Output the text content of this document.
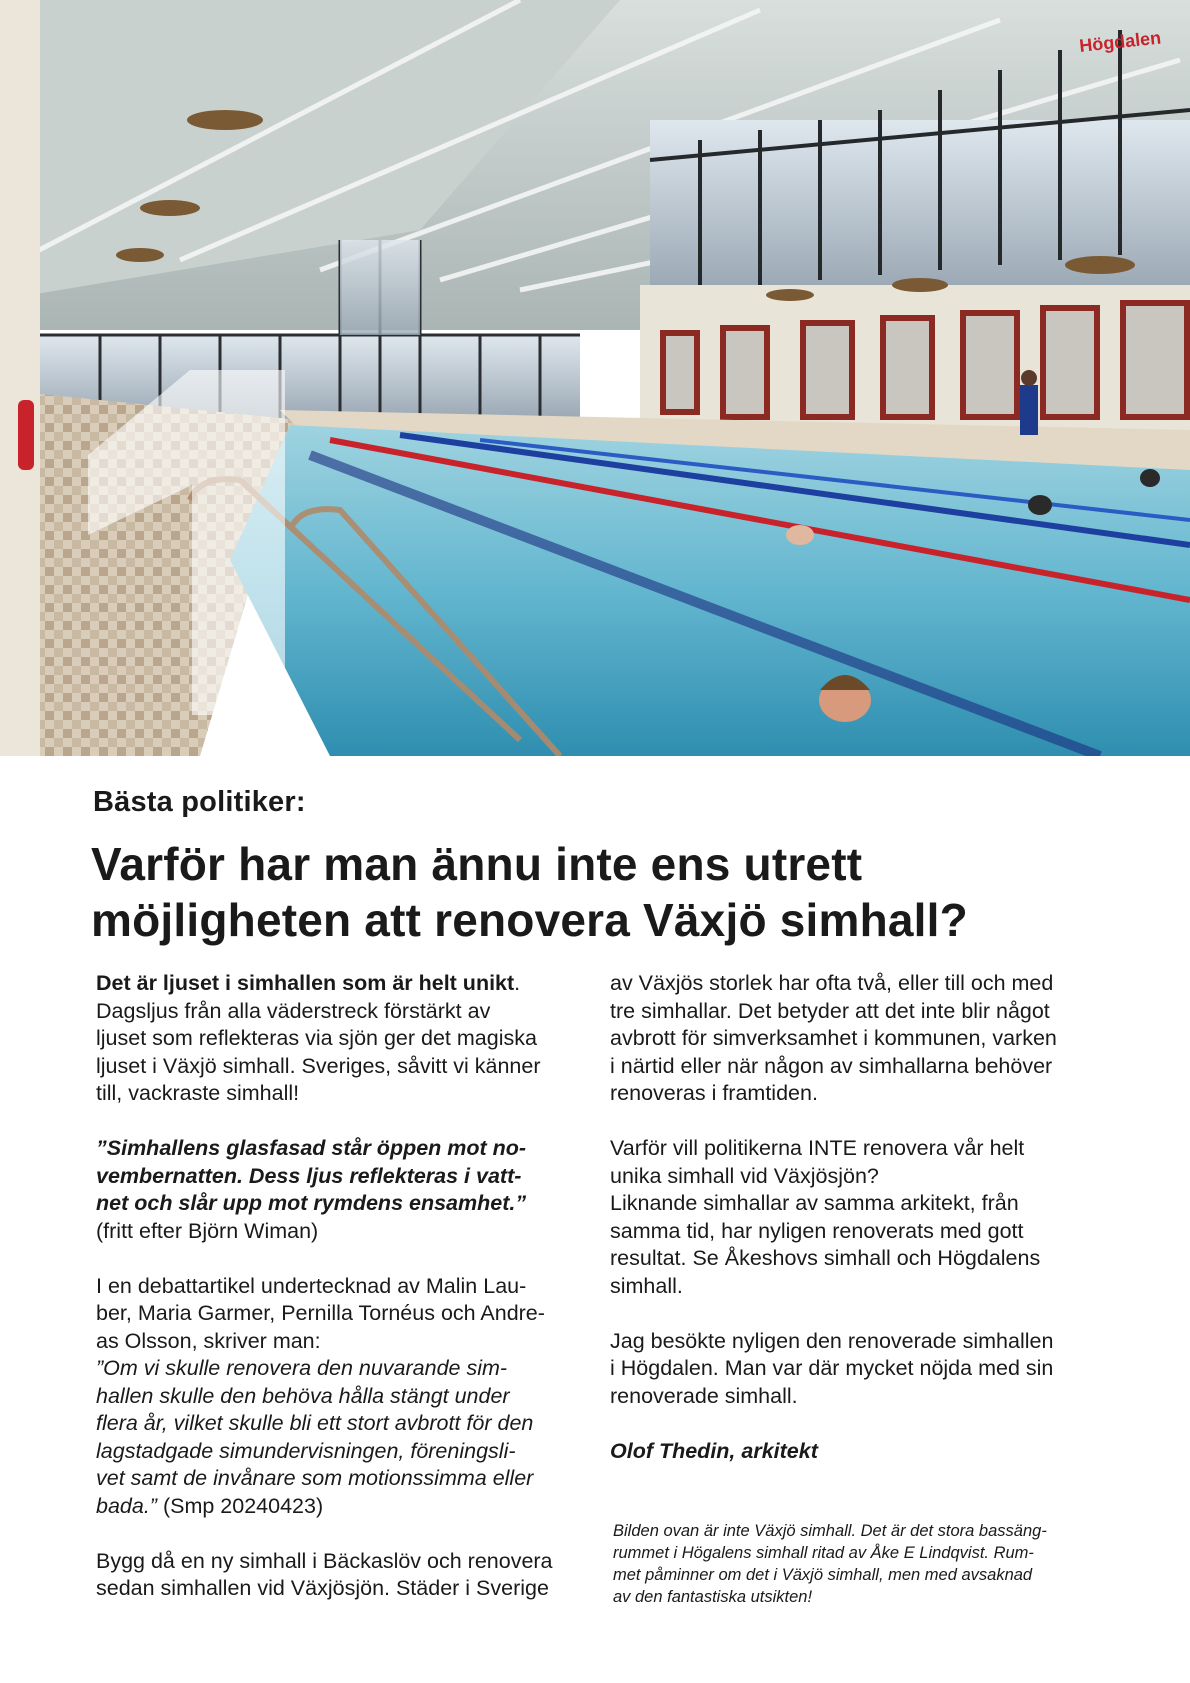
Högdalen
Bästa politiker:
Varför har man ännu inte ens utrett
möjligheten att renovera Växjö simhall?

Det är ljuset i simhallen som är helt unikt.
Dagsljus från alla väderstreck förstärkt av
ljuset som reflekteras via sjön ger det magiska
ljuset i Växjö simhall. Sveriges, såvitt vi känner
till, vackraste simhall!

”Simhallens glasfasad står öppen mot no-
vembernatten. Dess ljus reflekteras i vatt-
net och slår upp mot rymdens ensamhet.”
(fritt efter Björn Wiman)

I en debattartikel undertecknad av Malin Lau-
ber, Maria Garmer, Pernilla Tornéus och Andre-
as Olsson, skriver man:
”Om vi skulle renovera den nuvarande sim-
hallen skulle den behöva hålla stängt under
flera år, vilket skulle bli ett stort avbrott för den
lagstadgade simundervisningen, föreningsli-
vet samt de invånare som motionssimma eller
bada.” (Smp 20240423)

Bygg då en ny simhall i Bäckaslöv och renovera
sedan simhallen vid Växjösjön. Städer i Sverige

av Växjös storlek har ofta två, eller till och med
tre simhallar. Det betyder att det inte blir något
avbrott för simverksamhet i kommunen, varken
i närtid eller när någon av simhallarna behöver
renoveras i framtiden.

Varför vill politikerna INTE renovera vår helt
unika simhall vid Växjösjön?
Liknande simhallar av samma arkitekt, från
samma tid, har nyligen renoverats med gott
resultat. Se Åkeshovs simhall och Högdalens
simhall.

Jag besökte nyligen den renoverade simhallen
i Högdalen. Man var där mycket nöjda med sin
renoverade simhall.

Olof Thedin, arkitekt

Bilden ovan är inte Växjö simhall. Det är det stora bassäng-
rummet i Högalens simhall ritad av Åke E Lindqvist. Rum-
met påminner om det i Växjö simhall, men med avsaknad
av den fantastiska utsikten!
